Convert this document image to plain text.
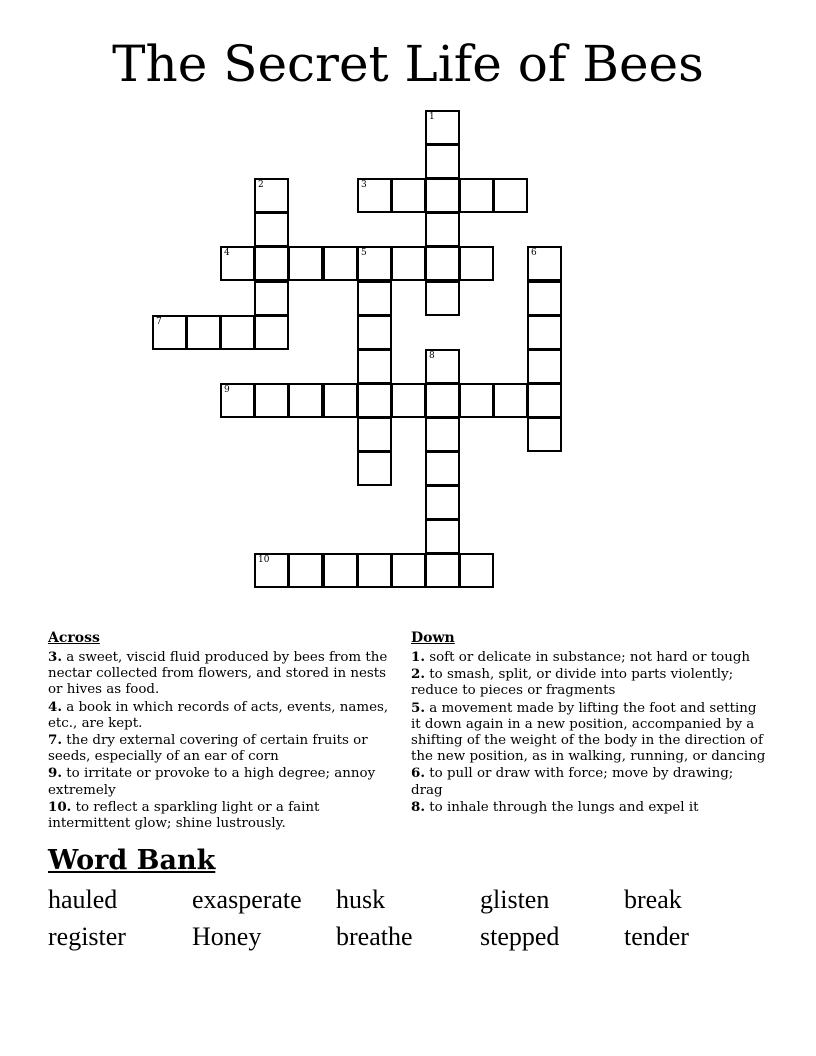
The Secret Life of Bees
1
2	3
4	5	6
7
8
9
10
Across
3. a sweet, viscid fluid produced by bees from the nectar collected from flowers, and stored in nests or hives as food.
4. a book in which records of acts, events, names, etc., are kept.
7. the dry external covering of certain fruits or seeds, especially of an ear of corn
9. to irritate or provoke to a high degree; annoy extremely
10. to reflect a sparkling light or a faint intermittent glow; shine lustrously.
Down
1. soft or delicate in substance; not hard or tough
2. to smash, split, or divide into parts violently; reduce to pieces or fragments
5. a movement made by lifting the foot and setting it down again in a new position, accompanied by a shifting of the weight of the body in the direction of the new position, as in walking, running, or dancing
6. to pull or draw with force; move by drawing; drag
8. to inhale through the lungs and expel it
Word Bank
hauled	exasperate	husk	glisten	break
register	Honey	breathe	stepped	tender
